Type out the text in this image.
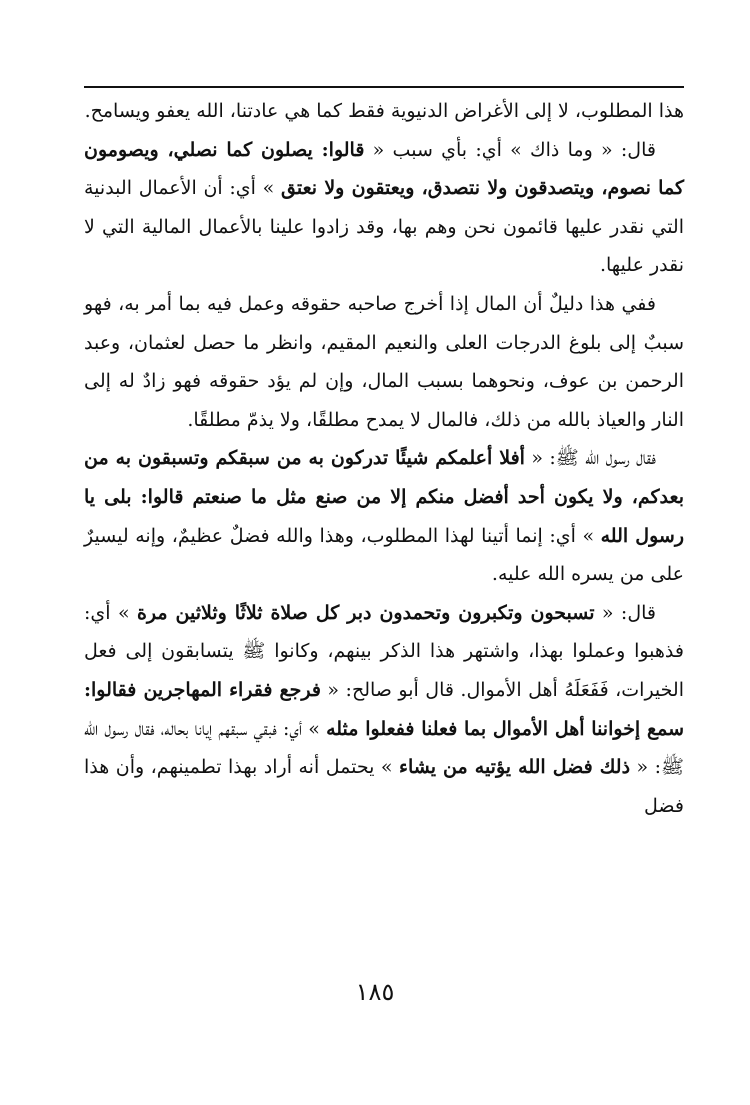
هذا المطلوب، لا إلى الأغراض الدنيوية فقط كما هي عادتنا، الله يعفو ويسامح.

قال: « وما ذاك » أي: بأي سبب « قالوا: يصلون كما نصلي، ويصومون كما نصوم، ويتصدقون ولا نتصدق، ويعتقون ولا نعتق » أي: أن الأعمال البدنية التي نقدر عليها قائمون نحن وهم بها، وقد زادوا علينا بالأعمال المالية التي لا نقدر عليها.

ففي هذا دليلٌ أن المال إذا أخرج صاحبه حقوقه وعمل فيه بما أمر به، فهو سببٌ إلى بلوغ الدرجات العلى والنعيم المقيم، وانظر ما حصل لعثمان، وعبد الرحمن بن عوف، ونحوهما بسبب المال، وإن لم يؤد حقوقه فهو زادٌ له إلى النار والعياذ بالله من ذلك، فالمال لا يمدح مطلقًا، ولا يذمّ مطلقًا.

فقال رسول الله ﷺ: « أفلا أعلمكم شيئًا تدركون به من سبقكم وتسبقون به من بعدكم، ولا يكون أحد أفضل منكم إلا من صنع مثل ما صنعتم قالوا: بلى يا رسول الله » أي: إنما أتينا لهذا المطلوب، وهذا والله فضلٌ عظيمٌ، وإنه ليسيرٌ على من يسره الله عليه.

قال: « تسبحون وتكبرون وتحمدون دبر كل صلاة ثلاثًا وثلاثين مرة » أي: فذهبوا وعملوا بهذا، واشتهر هذا الذكر بينهم، وكانوا ﷺ يتسابقون إلى فعل الخيرات، فَفَعَلَهُ أهل الأموال. قال أبو صالح: « فرجع فقراء المهاجرين فقالوا: سمع إخواننا أهل الأموال بما فعلنا ففعلوا مثله » أي: فبقي سبقهم إيانا بحاله، فقال رسول الله ﷺ: « ذلك فضل الله يؤتيه من يشاء » يحتمل أنه أراد بهذا تطمينهم، وأن هذا فضل

١٨٥
